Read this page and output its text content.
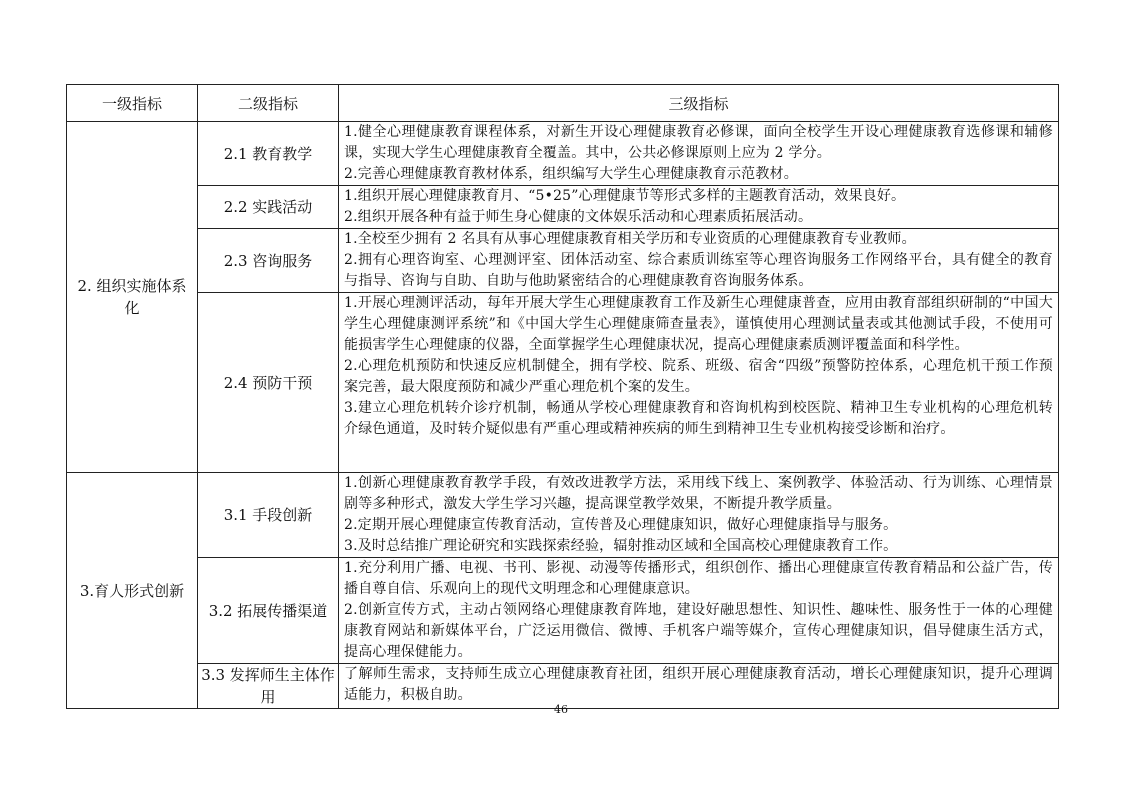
一级指标	二级指标	三级指标
2. 组织实施体系化	2.1 教育教学	1.健全心理健康教育课程体系，对新生开设心理健康教育必修课，面向全校学生开设心理健康教育选修课和辅修课，实现大学生心理健康教育全覆盖。其中，公共必修课原则上应为 2 学分。
2.完善心理健康教育教材体系，组织编写大学生心理健康教育示范教材。

	2.2 实践活动	1.组织开展心理健康教育月、“5•25”心理健康节等形式多样的主题教育活动，效果良好。
2.组织开展各种有益于师生身心健康的文体娱乐活动和心理素质拓展活动。

	2.3 咨询服务	1.全校至少拥有 2 名具有从事心理健康教育相关学历和专业资质的心理健康教育专业教师。
2.拥有心理咨询室、心理测评室、团体活动室、综合素质训练室等心理咨询服务工作网络平台，具有健全的教育与指导、咨询与自助、自助与他助紧密结合的心理健康教育咨询服务体系。

	2.4 预防干预	1.开展心理测评活动，每年开展大学生心理健康教育工作及新生心理健康普查，应用由教育部组织研制的“中国大学生心理健康测评系统”和《中国大学生心理健康筛查量表》，谨慎使用心理测试量表或其他测试手段，不使用可能损害学生心理健康的仪器，全面掌握学生心理健康状况，提高心理健康素质测评覆盖面和科学性。
2.心理危机预防和快速反应机制健全，拥有学校、院系、班级、宿舍“四级”预警防控体系，心理危机干预工作预案完善，最大限度预防和减少严重心理危机个案的发生。
3.建立心理危机转介诊疗机制，畅通从学校心理健康教育和咨询机构到校医院、精神卫生专业机构的心理危机转介绿色通道，及时转介疑似患有严重心理或精神疾病的师生到精神卫生专业机构接受诊断和治疗。

3.育人形式创新	3.1 手段创新	1.创新心理健康教育教学手段，有效改进教学方法，采用线下线上、案例教学、体验活动、行为训练、心理情景剧等多种形式，激发大学生学习兴趣，提高课堂教学效果，不断提升教学质量。
2.定期开展心理健康宣传教育活动，宣传普及心理健康知识，做好心理健康指导与服务。
3.及时总结推广理论研究和实践探索经验，辐射推动区域和全国高校心理健康教育工作。

	3.2 拓展传播渠道	1.充分利用广播、电视、书刊、影视、动漫等传播形式，组织创作、播出心理健康宣传教育精品和公益广告，传播自尊自信、乐观向上的现代文明理念和心理健康意识。
2.创新宣传方式，主动占领网络心理健康教育阵地，建设好融思想性、知识性、趣味性、服务性于一体的心理健康教育网站和新媒体平台，广泛运用微信、微博、手机客户端等媒介，宣传心理健康知识，倡导健康生活方式，提高心理保健能力。

	3.3 发挥师生主体作用	了解师生需求，支持师生成立心理健康教育社团，组织开展心理健康教育活动，增长心理健康知识，提升心理调适能力，积极自助。
46
